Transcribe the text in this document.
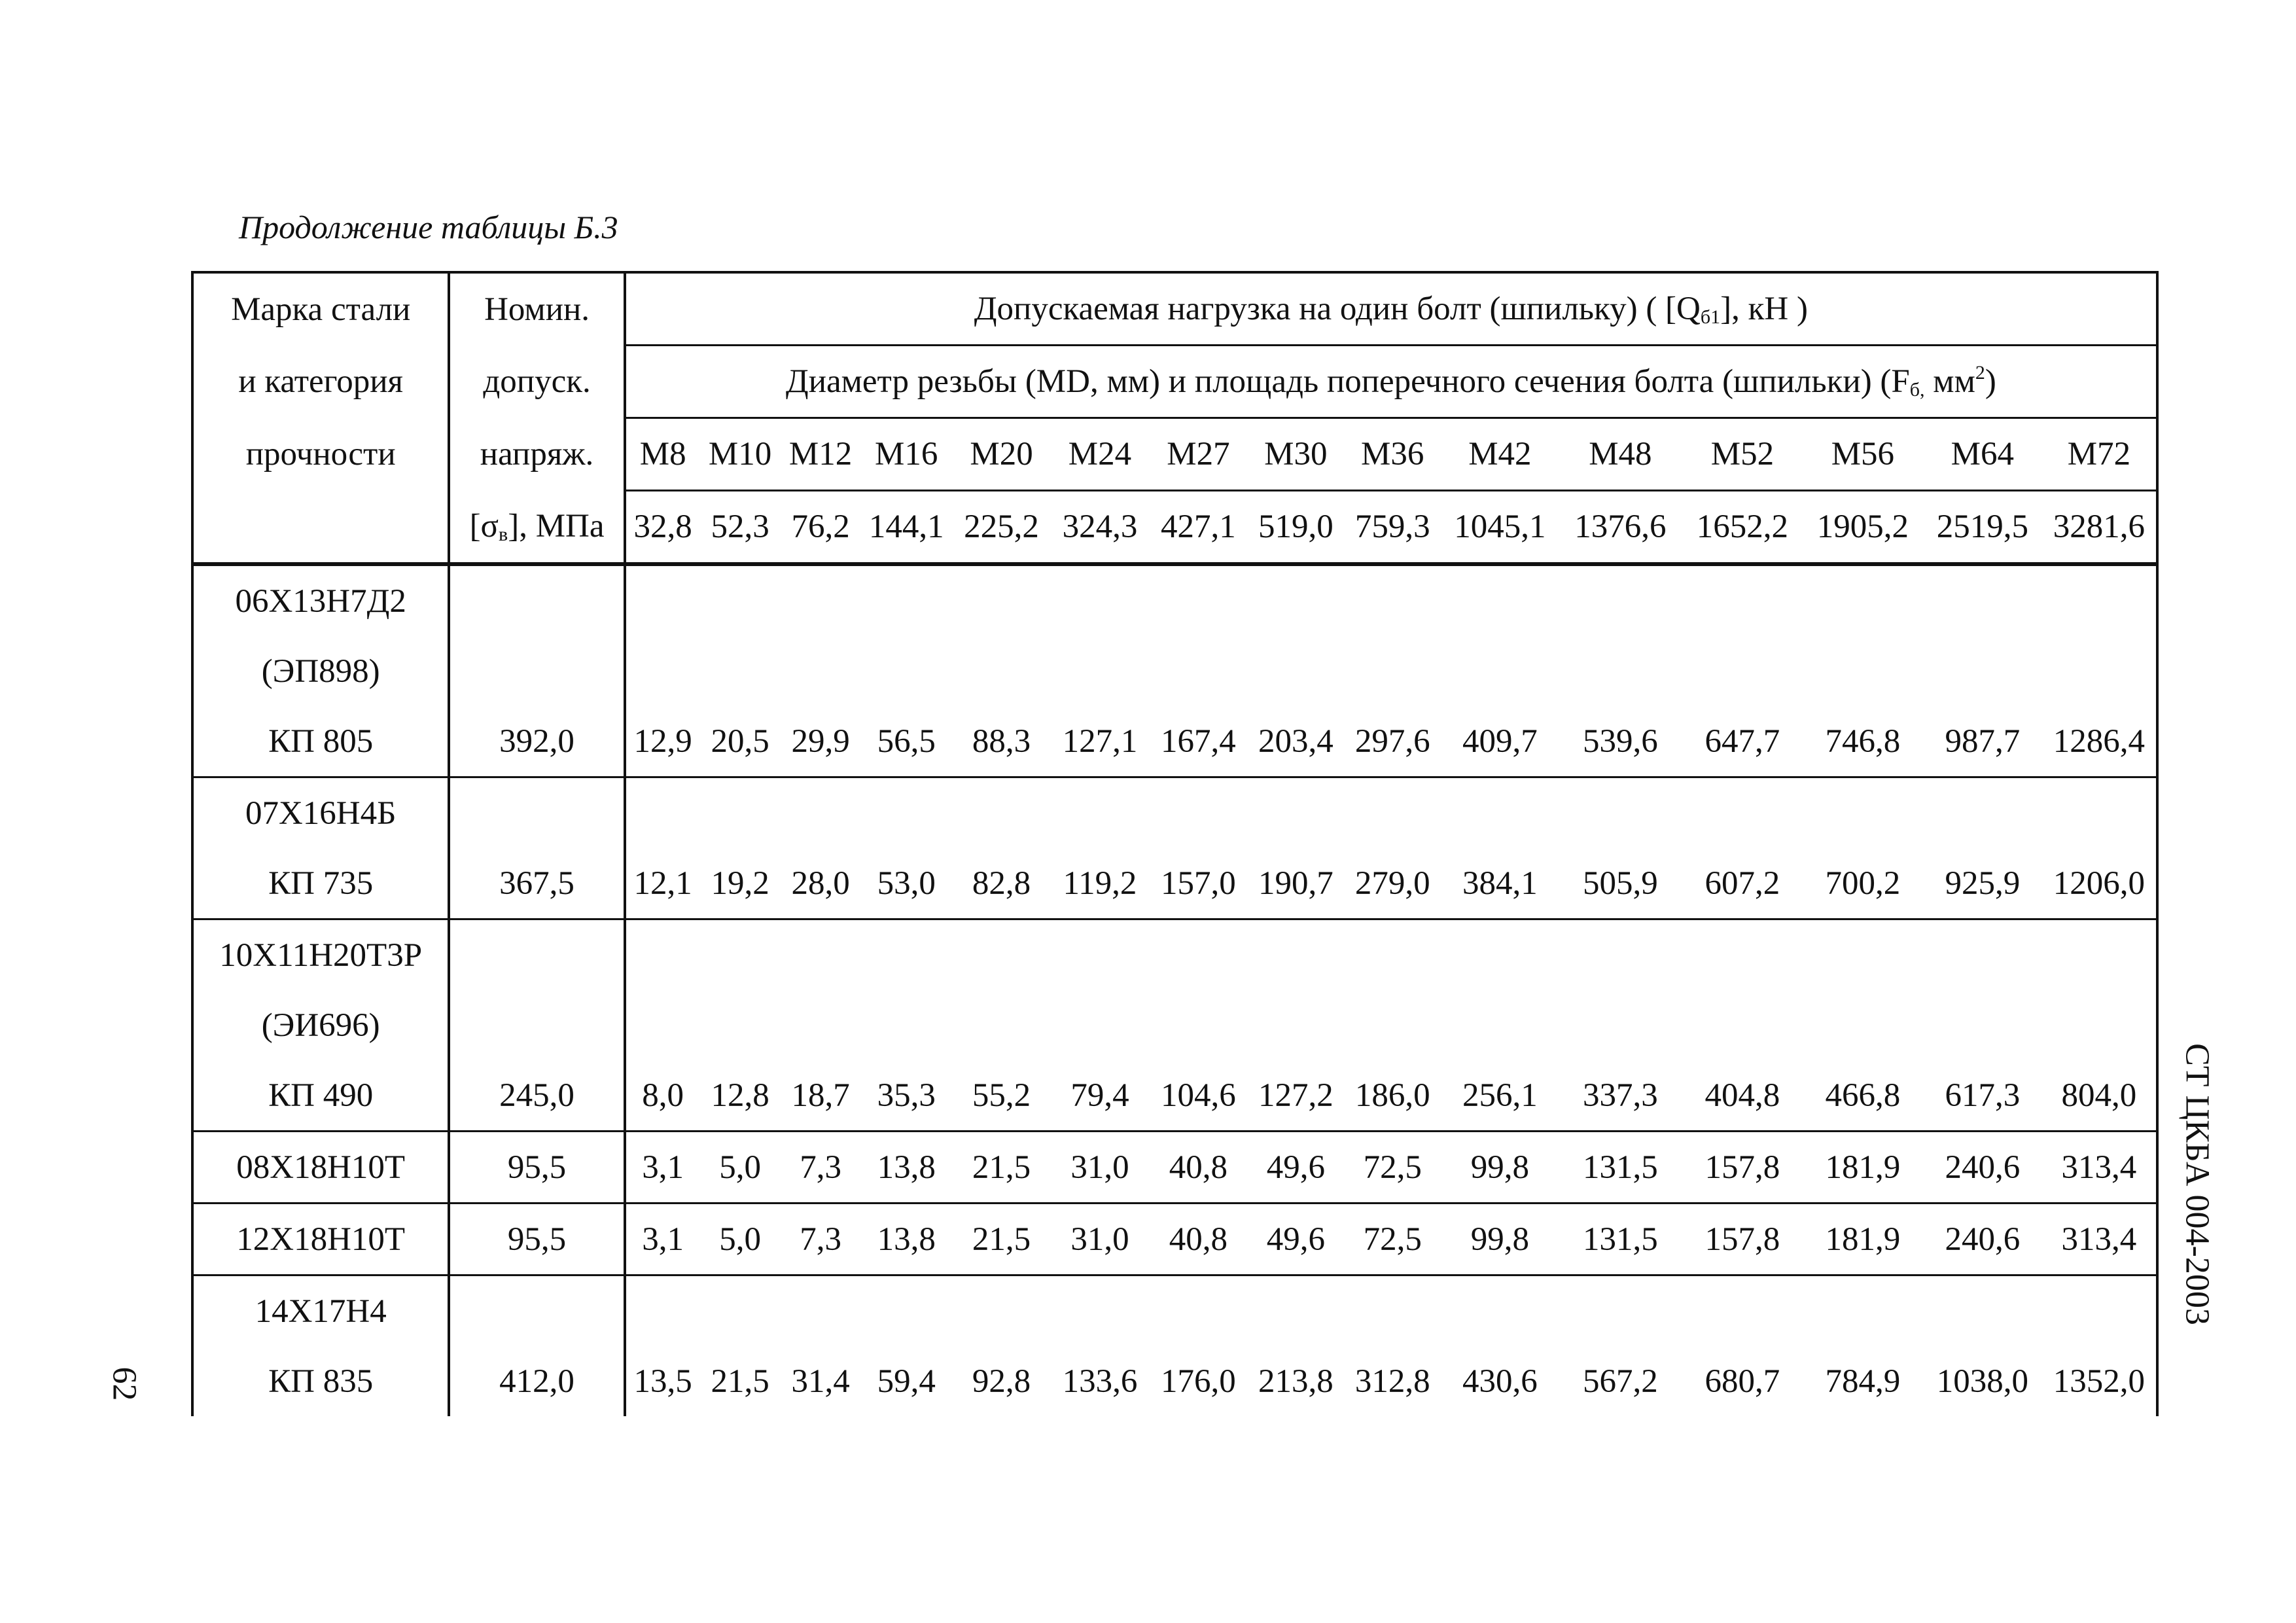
Продолжение таблицы Б.3
Марка стали	Номин.	Допускаемая нагрузка на один болт (шпильку) ( $[Q_{б1}]$, кН )														
и категория	допуск.	Диаметр резьбы (MD, мм) и площадь поперечного сечения болта (шпильки) ($F_{б,}$ $мм^2$)														
прочности	напряж.	M8	M10	M12	M16	M20	M24	M27	M30	M36	M42	M48	M52	M56	M64	M72
	$[\sigma_в]$, МПа	32,8	52,3	76,2	144,1	225,2	324,3	427,1	519,0	759,3	1045,1	1376,6	1652,2	1905,2	2519,5	3281,6
06Х13Н7Д2																
(ЭП898)																
КП 805	392,0	12,9	20,5	29,9	56,5	88,3	127,1	167,4	203,4	297,6	409,7	539,6	647,7	746,8	987,7	1286,4
07Х16Н4Б																
КП 735	367,5	12,1	19,2	28,0	53,0	82,8	119,2	157,0	190,7	279,0	384,1	505,9	607,2	700,2	925,9	1206,0
10Х11Н20Т3Р																
(ЭИ696)																
КП 490	245,0	8,0	12,8	18,7	35,3	55,2	79,4	104,6	127,2	186,0	256,1	337,3	404,8	466,8	617,3	804,0
08Х18Н10Т	95,5	3,1	5,0	7,3	13,8	21,5	31,0	40,8	49,6	72,5	99,8	131,5	157,8	181,9	240,6	313,4
12Х18Н10Т	95,5	3,1	5,0	7,3	13,8	21,5	31,0	40,8	49,6	72,5	99,8	131,5	157,8	181,9	240,6	313,4
14Х17Н4																
КП 835	412,0	13,5	21,5	31,4	59,4	92,8	133,6	176,0	213,8	312,8	430,6	567,2	680,7	784,9	1038,0	1352,0
62
СТ ЦКБА 004-2003
